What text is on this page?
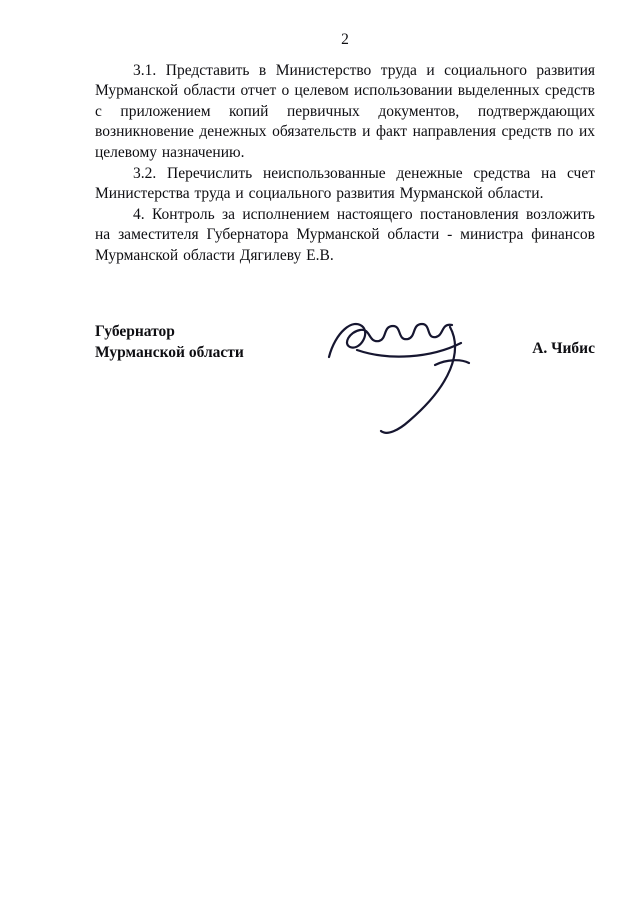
2

3.1. Представить в Министерство труда и социального развития Мурманской области отчет о целевом использовании выделенных средств с приложением копий первичных документов, подтверждающих возникновение денежных обязательств и факт направления средств по их целевому назначению.

3.2. Перечислить неиспользованные денежные средства на счет Министерства труда и социального развития Мурманской области.

4. Контроль за исполнением настоящего постановления возложить на заместителя Губернатора Мурманской области - министра финансов Мурманской области Дягилеву Е.В.

Губернатор
Мурманской области	А. Чибис
